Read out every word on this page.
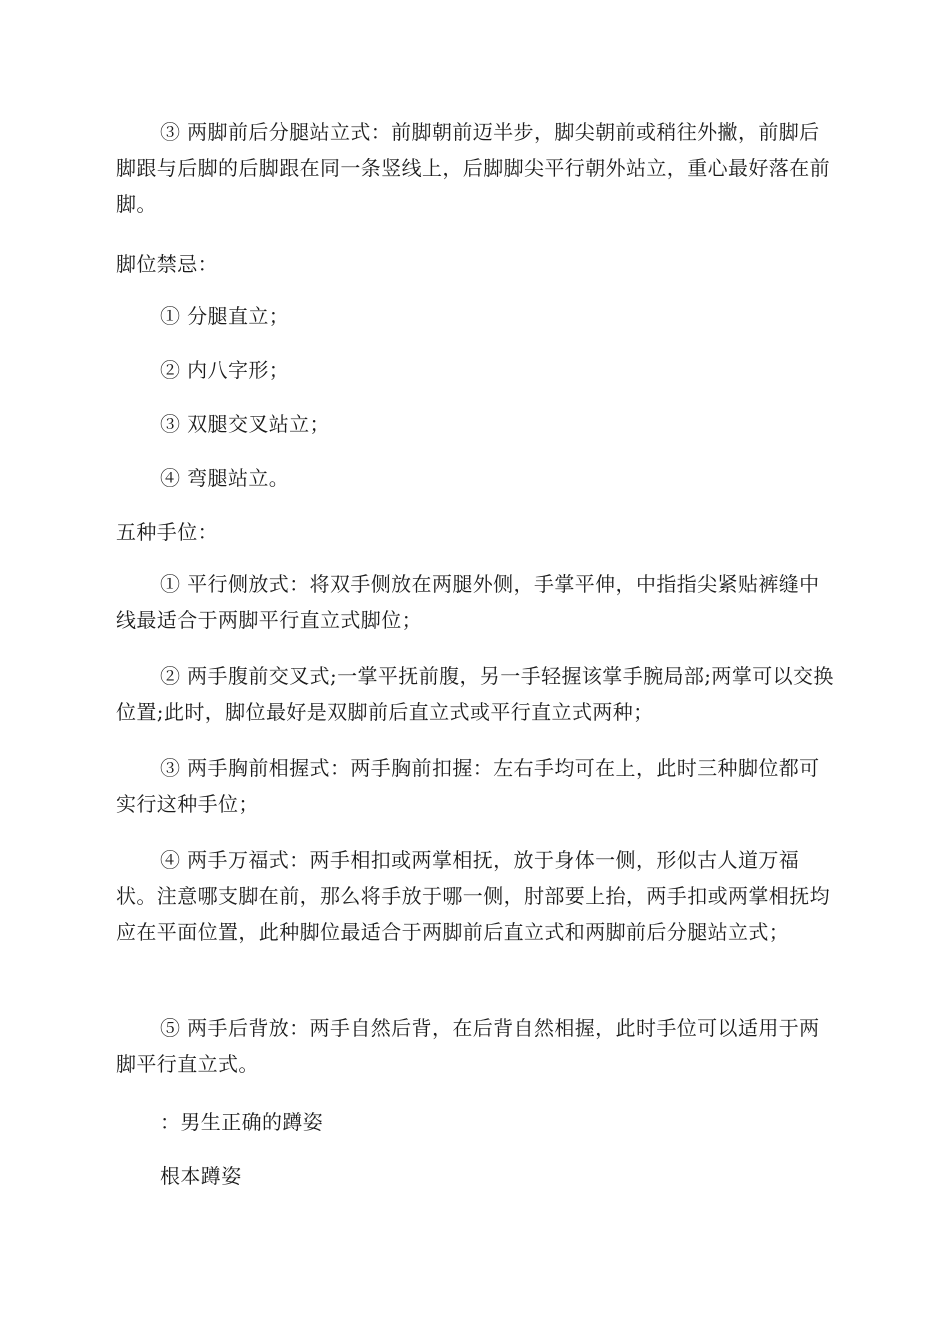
③ 两脚前后分腿站立式：前脚朝前迈半步，脚尖朝前或稍往外撇，前脚后脚跟与后脚的后脚跟在同一条竖线上，后脚脚尖平行朝外站立，重心最好落在前脚。

脚位禁忌：

① 分腿直立；

② 内八字形；

③ 双腿交叉站立；

④ 弯腿站立。

五种手位：

① 平行侧放式：将双手侧放在两腿外侧，手掌平伸，中指指尖紧贴裤缝中线最适合于两脚平行直立式脚位；

② 两手腹前交叉式;一掌平抚前腹，另一手轻握该掌手腕局部;两掌可以交换位置;此时，脚位最好是双脚前后直立式或平行直立式两种；

③ 两手胸前相握式：两手胸前扣握：左右手均可在上，此时三种脚位都可实行这种手位；

④ 两手万福式：两手相扣或两掌相抚，放于身体一侧，形似古人道万福状。注意哪支脚在前，那么将手放于哪一侧，肘部要上抬，两手扣或两掌相抚均应在平面位置，此种脚位最适合于两脚前后直立式和两脚前后分腿站立式；

⑤ 两手后背放：两手自然后背，在后背自然相握，此时手位可以适用于两脚平行直立式。

：男生正确的蹲姿

根本蹲姿
